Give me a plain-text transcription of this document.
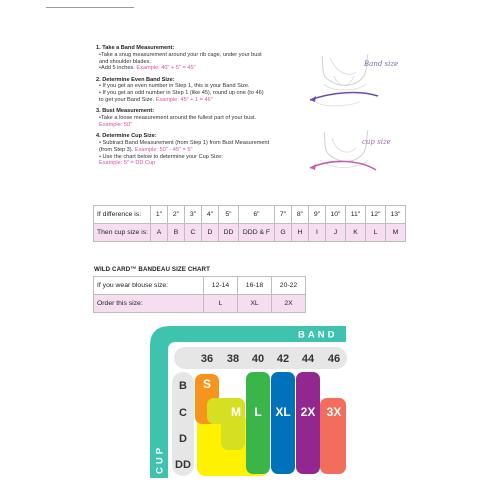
1. Take a Band Measurement:
•Take a snug measurement around your rib cage, under your bust
and shoulder blades.
•Add 5 inches. Example: 40" + 5" = 45"
2. Determine Even Band Size:
• If you get an even number in Step 1, this is your Band Size.
• If you get an odd number in Step 1 (like 45), round up one (to 46)
to get your Band Size. Example: 45" + 1 = 46"
3. Bust Measurement:
•Take a loose measurement around the fullest part of your bust.
Example: 50"
4. Determine Cup Size:
• Subtract Band Measurement (from Step 1) from Bust Measurement
(from Step 3). Example: 50" - 45" = 5"
• Use the chart below to determine your Cup Size:
Example: 5" = DD Cup
Band size
cup size
If difference is:	1"	2"	3"	4"	5"	6"	7"	8"	9"	10"	11"	12"	13"
Then cup size is:	A	B	C	D	DD	DDD & F	G	H	I	J	K	L	M
WILD CARD™ BANDEAU SIZE CHART
If you wear blouse size:	12-14	16-18	20-22
Order this size:	L	XL	2X
BAND
CUP
36 38 40 42 44 46
B
C
D
DD
S
M L XL 2X 3X
